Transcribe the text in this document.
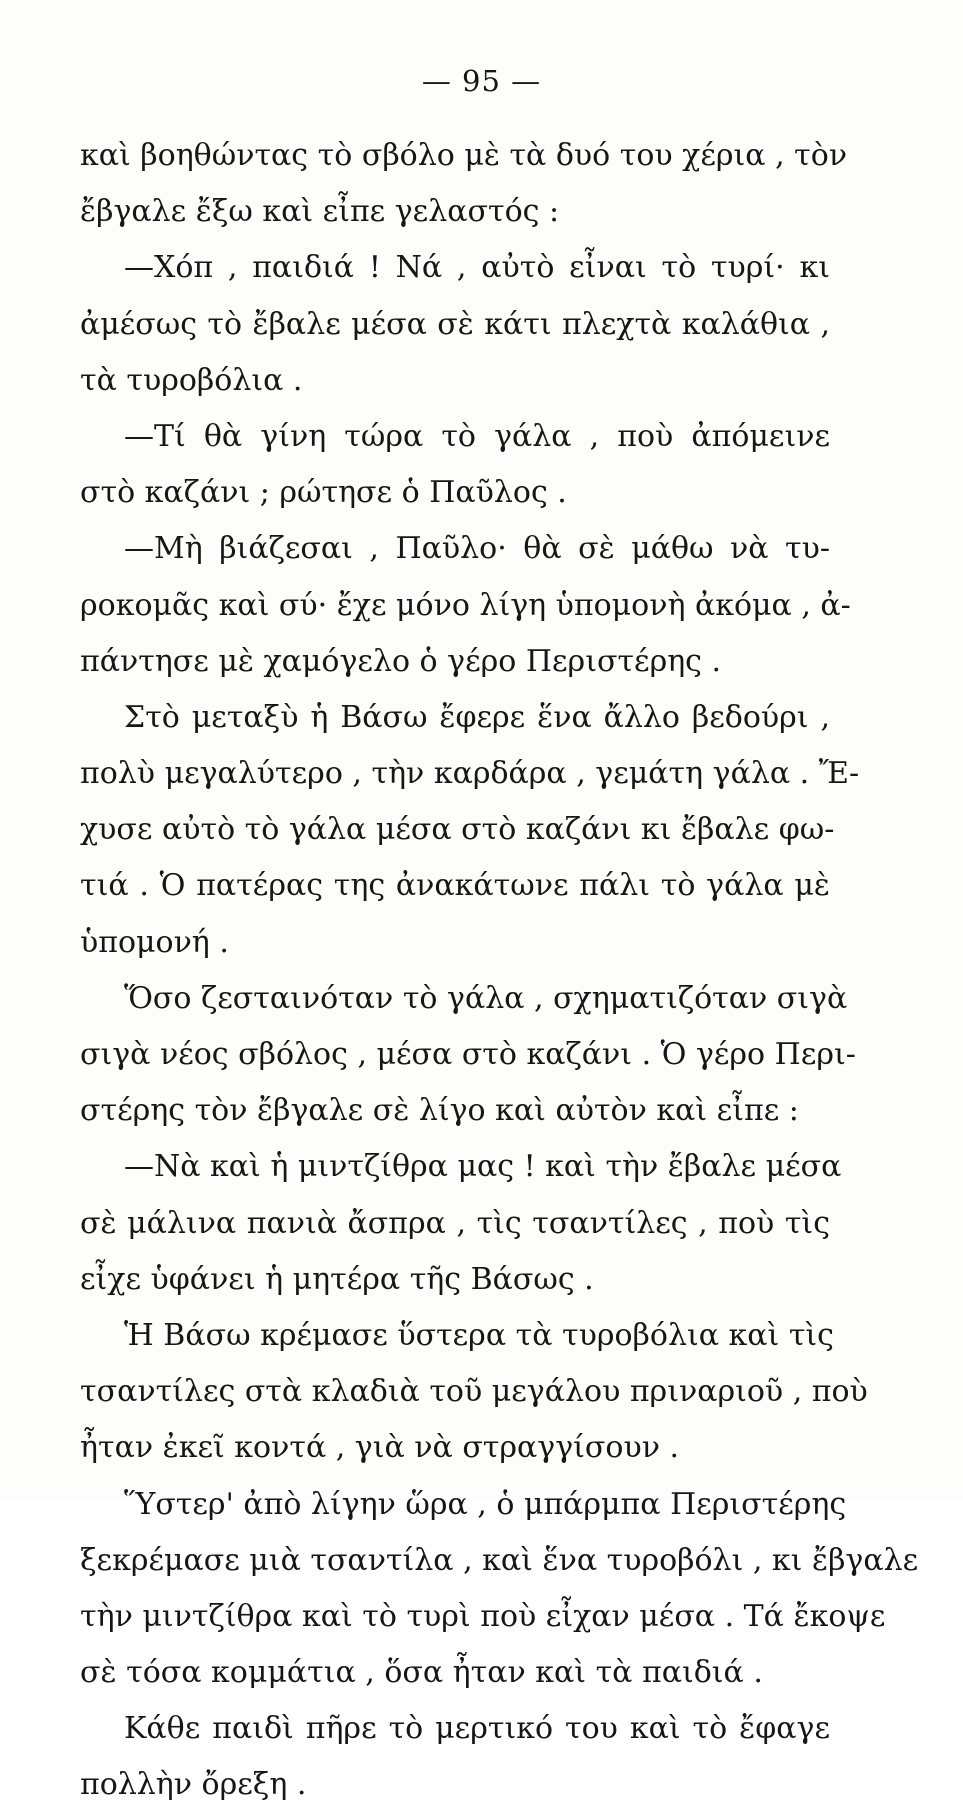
— 95 —
καὶ βοηθώντας τὸ σβόλο μὲ τὰ δυό του χέρια , τὸν
ἔβγαλε ἔξω καὶ εἶπε γελαστός :
—Χόπ , παιδιά ! Νά , αὐτὸ εἶναι τὸ τυρί· κι
ἀμέσως τὸ ἔβαλε μέσα σὲ κάτι πλεχτὰ καλάθια ,
τὰ τυροβόλια .
—Τί θὰ γίνη τώρα τὸ γάλα , ποὺ ἀπόμεινε
στὸ καζάνι ; ρώτησε ὁ Παῦλος .
—Μὴ βιάζεσαι , Παῦλο· θὰ σὲ μάθω νὰ τυ-
ροκομᾶς καὶ σύ· ἔχε μόνο λίγη ὑπομονὴ ἀκόμα , ἀ-
πάντησε μὲ χαμόγελο ὁ γέρο Περιστέρης .
Στὸ μεταξὺ ἡ Βάσω ἔφερε ἕνα ἄλλο βεδούρι ,
πολὺ μεγαλύτερο , τὴν καρδάρα , γεμάτη γάλα . Ἔ-
χυσε αὐτὸ τὸ γάλα μέσα στὸ καζάνι κι ἔβαλε φω-
τιά . Ὁ πατέρας της ἀνακάτωνε πάλι τὸ γάλα μὲ
ὑπομονή .
Ὅσο ζεσταινόταν τὸ γάλα , σχηματιζόταν σιγὰ
σιγὰ νέος σβόλος , μέσα στὸ καζάνι . Ὁ γέρο Περι-
στέρης τὸν ἔβγαλε σὲ λίγο καὶ αὐτὸν καὶ εἶπε :
—Νὰ καὶ ἡ μιντζίθρα μας ! καὶ τὴν ἔβαλε μέσα
σὲ μάλινα πανιὰ ἄσπρα , τὶς τσαντίλες , ποὺ τὶς
εἶχε ὑφάνει ἡ μητέρα τῆς Βάσως .
Ἡ Βάσω κρέμασε ὕστερα τὰ τυροβόλια καὶ τὶς
τσαντίλες στὰ κλαδιὰ τοῦ μεγάλου πριναριοῦ , ποὺ
ἦταν ἐκεῖ κοντά , γιὰ νὰ στραγγίσουν .
Ὕστερ' ἀπὸ λίγην ὥρα , ὁ μπάρμπα Περιστέρης
ξεκρέμασε μιὰ τσαντίλα , καὶ ἕνα τυροβόλι , κι ἔβγαλε
τὴν μιντζίθρα καὶ τὸ τυρὶ ποὺ εἶχαν μέσα . Τά ἔκοψε
σὲ τόσα κομμάτια , ὅσα ἦταν καὶ τὰ παιδιά .
Κάθε παιδὶ πῆρε τὸ μερτικό του καὶ τὸ ἔφαγε
πολλὴν ὄρεξη .
